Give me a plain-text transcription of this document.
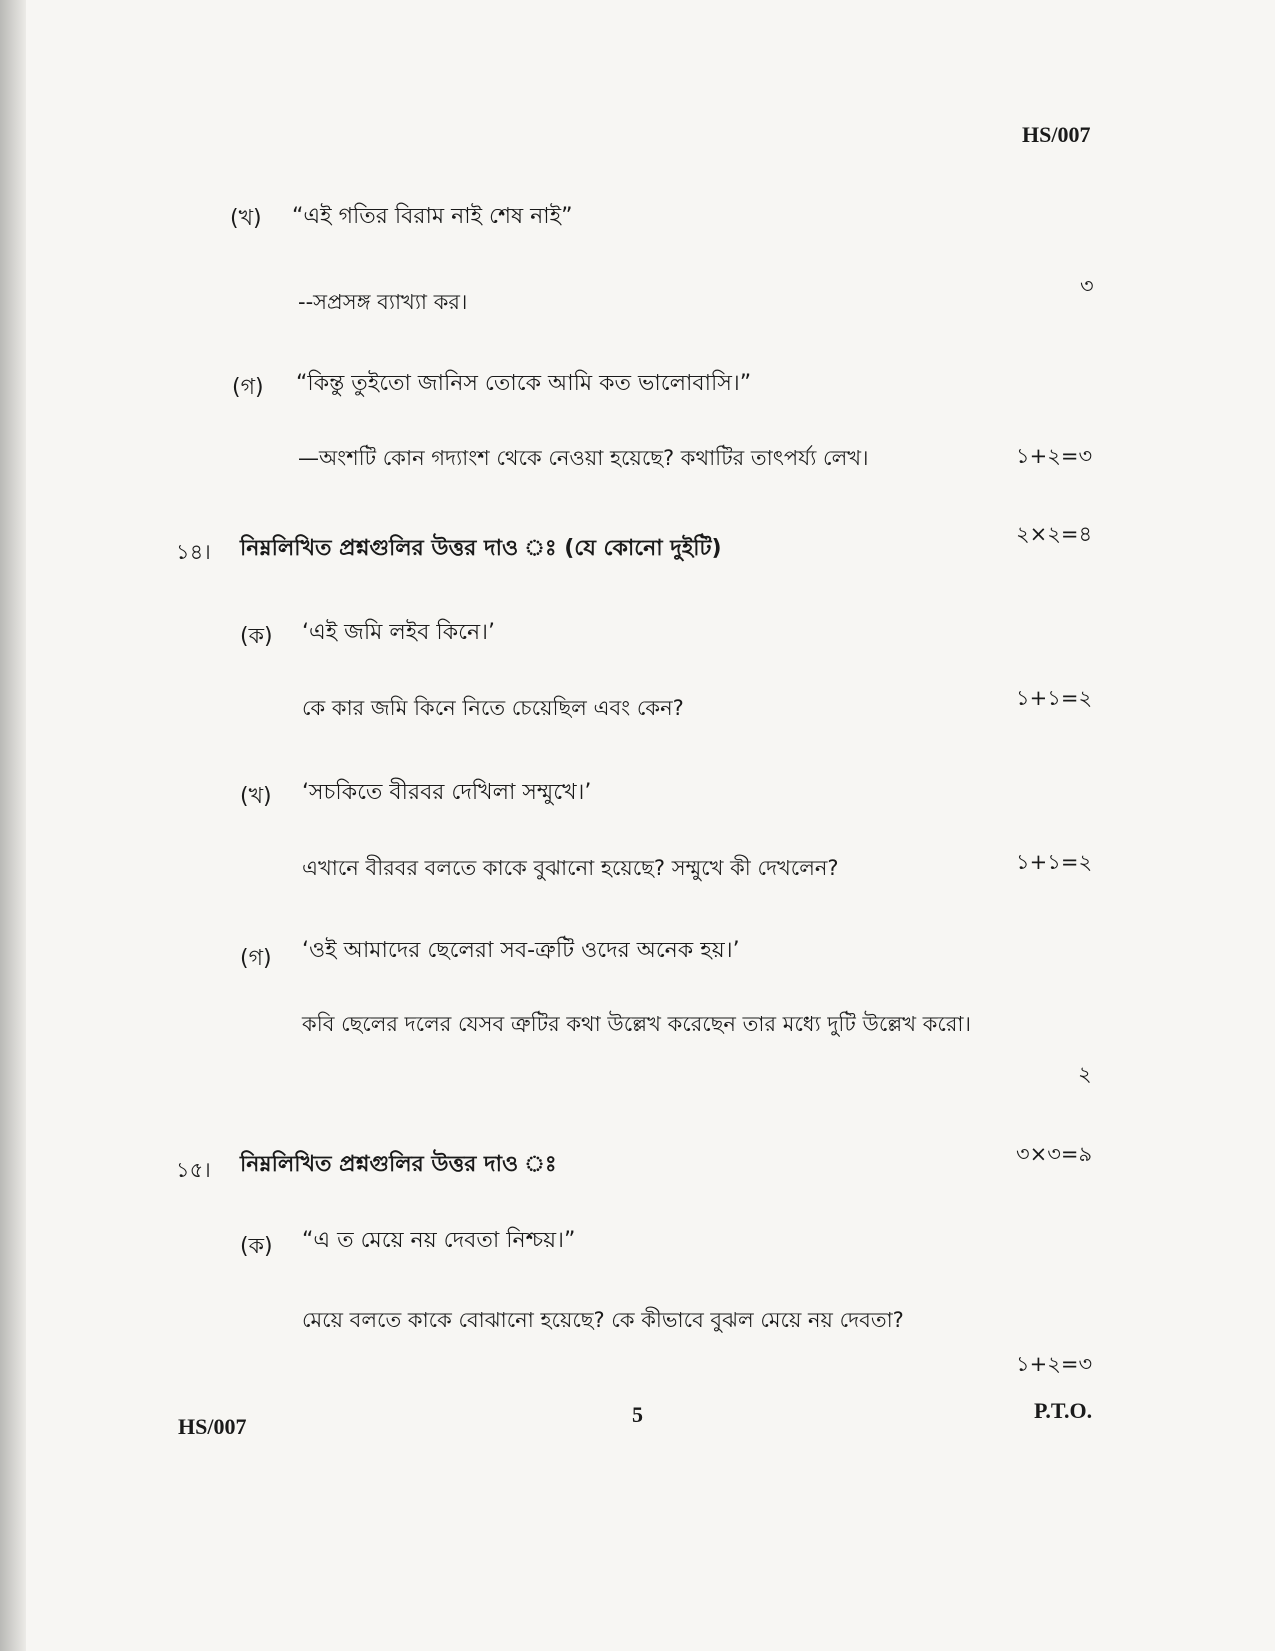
HS/007
(খ) “এই গতির বিরাম নাই শেষ নাই”
৩
--সপ্রসঙ্গ ব্যাখ্যা কর।
(গ) “কিন্তু তুইতো জানিস তোকে আমি কত ভালোবাসি।”
—অংশটি কোন গদ্যাংশ থেকে নেওয়া হয়েছে? কথাটির তাৎপর্য্য লেখ।	১+২=৩
১৪। নিম্নলিখিত প্রশ্নগুলির উত্তর দাও ঃ (যে কোনো দুইটি)
২×২=৪
(ক) ‘এই জমি লইব কিনে।’
কে কার জমি কিনে নিতে চেয়েছিল এবং কেন?	১+১=২
(খ) ‘সচকিতে বীরবর দেখিলা সম্মুখে।’
এখানে বীরবর বলতে কাকে বুঝানো হয়েছে? সম্মুখে কী দেখলেন?	১+১=২
(গ) ‘ওই আমাদের ছেলেরা সব-ত্রুটি ওদের অনেক হয়।’
কবি ছেলের দলের যেসব ত্রুটির কথা উল্লেখ করেছেন তার মধ্যে দুটি উল্লেখ করো।
২
১৫। নিম্নলিখিত প্রশ্নগুলির উত্তর দাও ঃ	৩×৩=৯
(ক) “এ ত মেয়ে নয় দেবতা নিশ্চয়।”
মেয়ে বলতে কাকে বোঝানো হয়েছে? কে কীভাবে বুঝল মেয়ে নয় দেবতা?
১+২=৩
HS/007	5	P.T.O.
